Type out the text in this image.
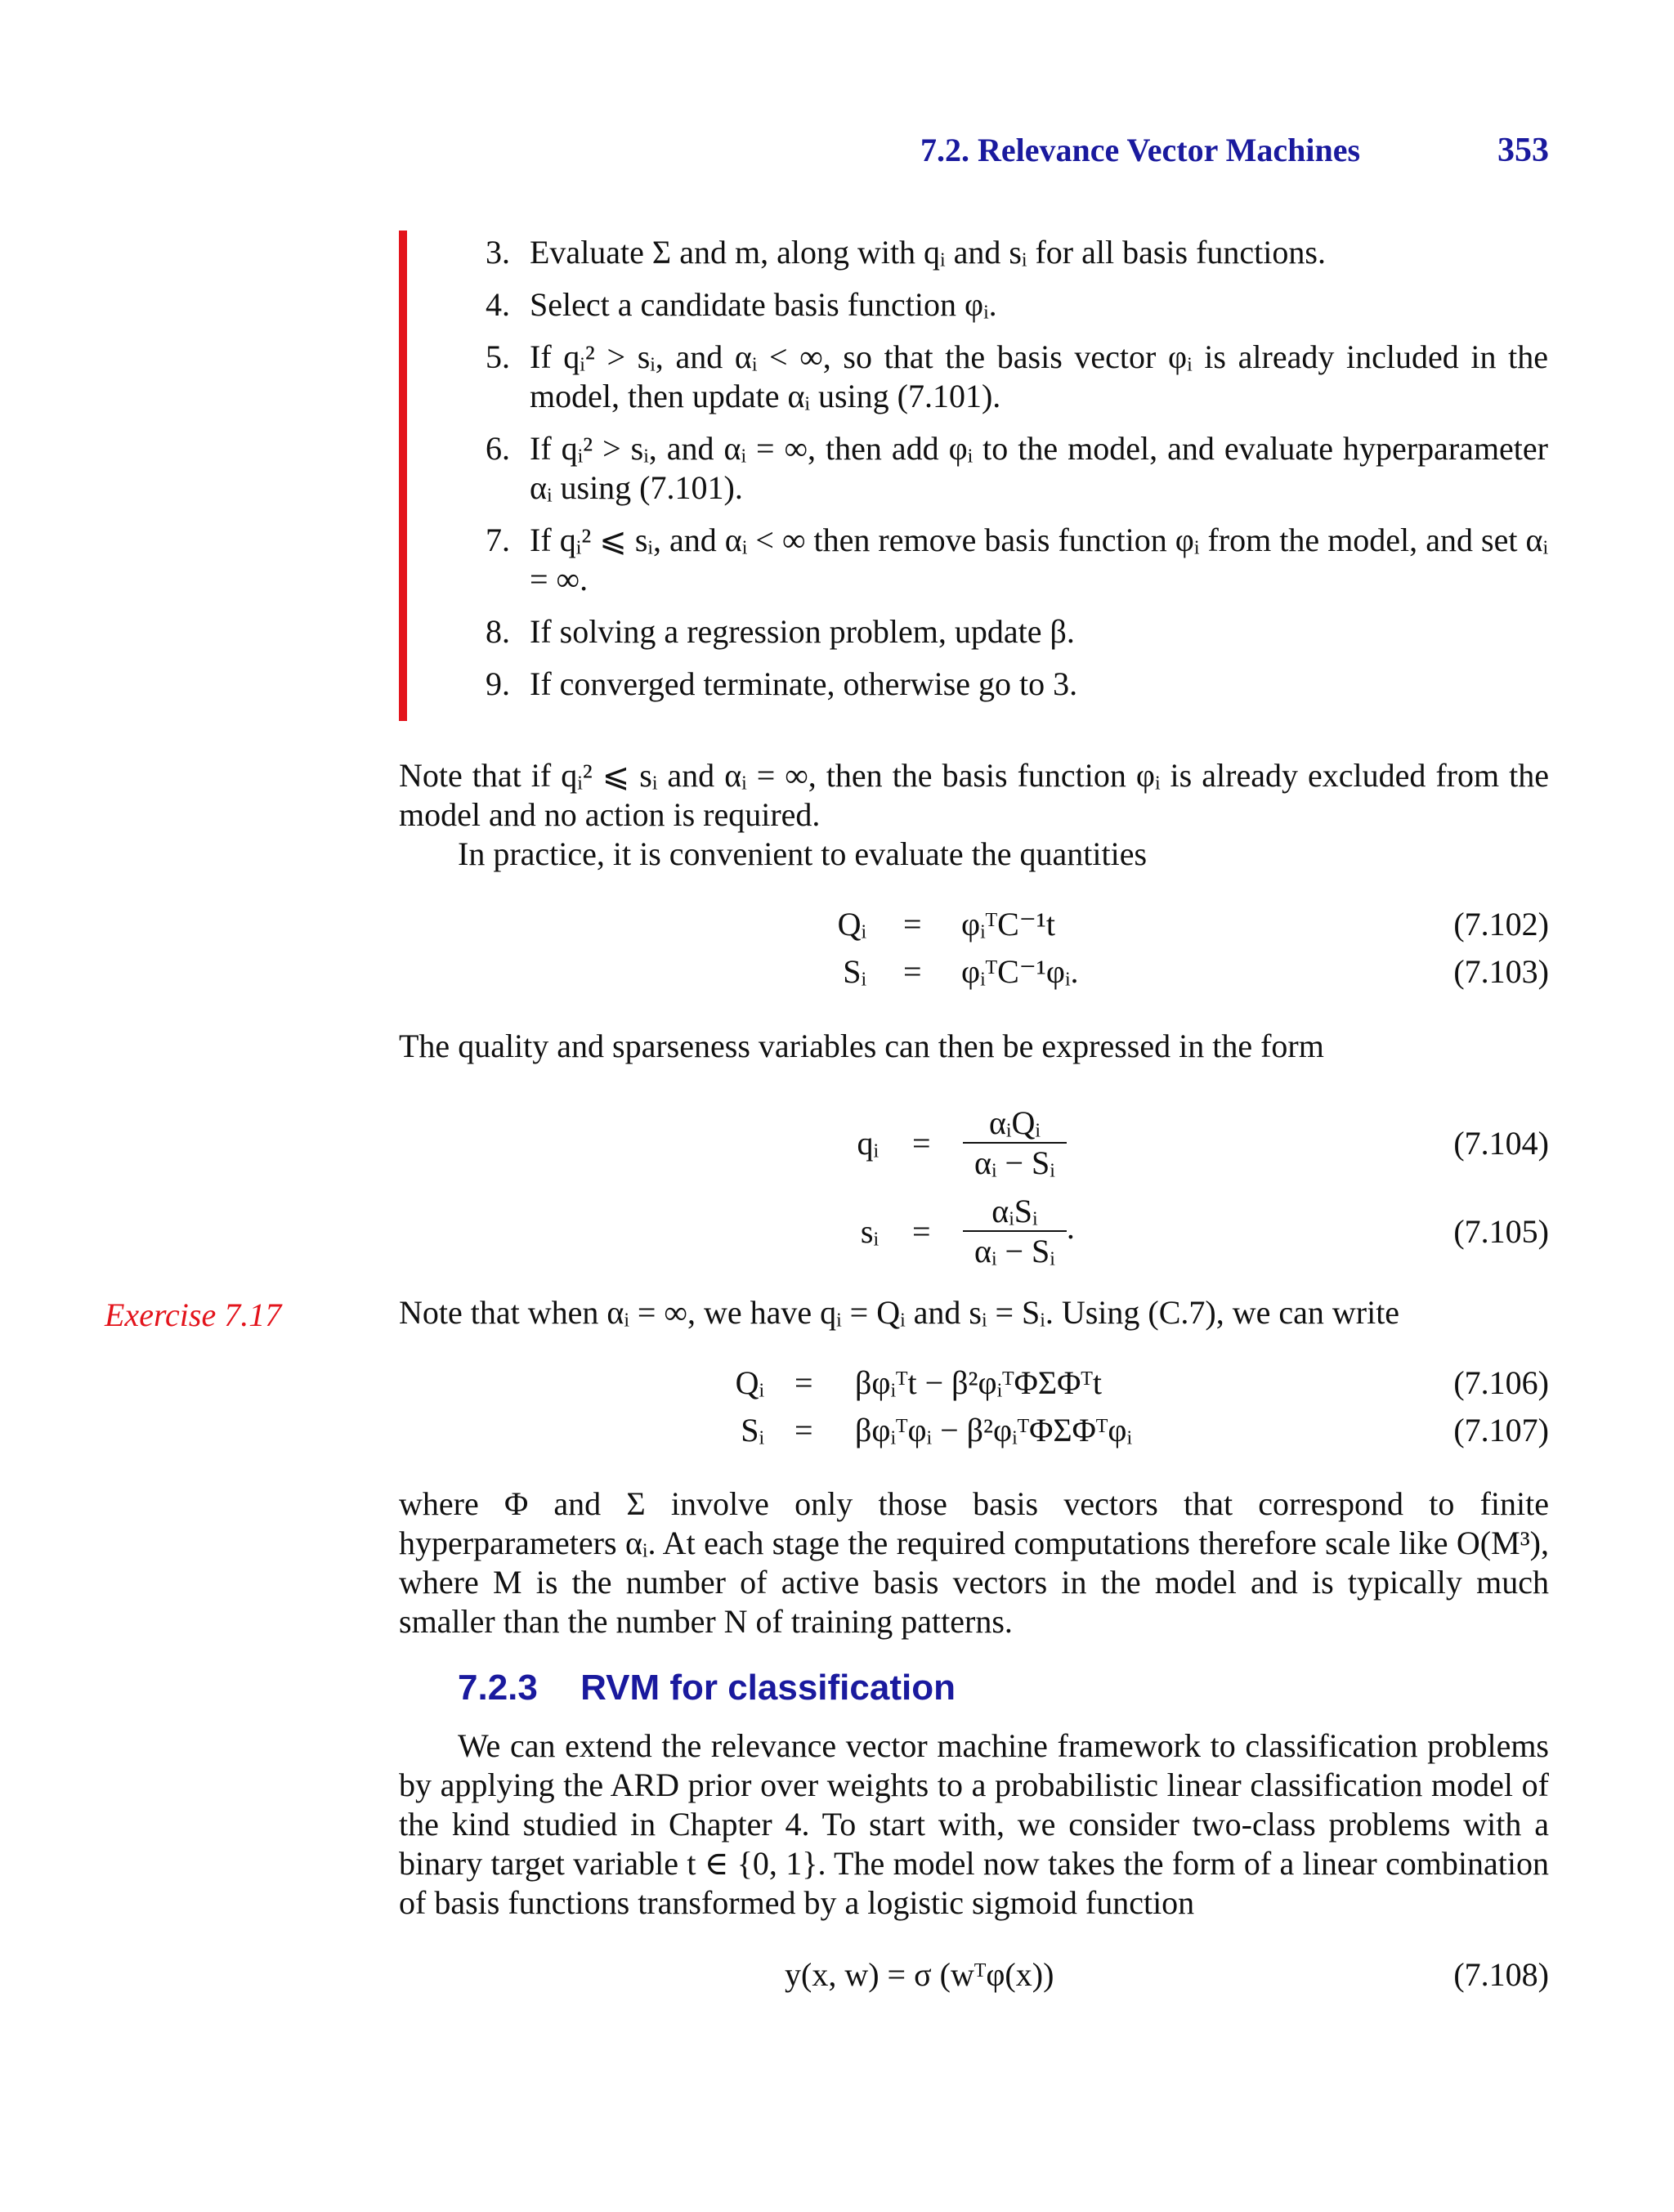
7.2. Relevance Vector Machines	353
3. Evaluate Σ and m, along with qᵢ and sᵢ for all basis functions.
4. Select a candidate basis function φᵢ.
5. If qᵢ² > sᵢ, and αᵢ < ∞, so that the basis vector φᵢ is already included in the model, then update αᵢ using (7.101).
6. If qᵢ² > sᵢ, and αᵢ = ∞, then add φᵢ to the model, and evaluate hyperparameter αᵢ using (7.101).
7. If qᵢ² ⩽ sᵢ, and αᵢ < ∞ then remove basis function φᵢ from the model, and set αᵢ = ∞.
8. If solving a regression problem, update β.
9. If converged terminate, otherwise go to 3.
Note that if qᵢ² ⩽ sᵢ and αᵢ = ∞, then the basis function φᵢ is already excluded from the model and no action is required.
In practice, it is convenient to evaluate the quantities
Qᵢ = φᵢᵀC⁻¹t	(7.102)
Sᵢ = φᵢᵀC⁻¹φᵢ.	(7.103)
The quality and sparseness variables can then be expressed in the form
qᵢ = $\frac{\text{αᵢQᵢ}}{\text{αᵢ − Sᵢ}}$	(7.104)
sᵢ = $\frac{\text{αᵢSᵢ}}{\text{αᵢ − Sᵢ}}$ .	(7.105)
Exercise 7.17	Note that when αᵢ = ∞, we have qᵢ = Qᵢ and sᵢ = Sᵢ. Using (C.7), we can write
Qᵢ = βφᵢᵀt − β²φᵢᵀΦΣΦᵀt	(7.106)
Sᵢ = βφᵢᵀφᵢ − β²φᵢᵀΦΣΦᵀφᵢ	(7.107)
where Φ and Σ involve only those basis vectors that correspond to finite hyperparameters αᵢ. At each stage the required computations therefore scale like O(M³), where M is the number of active basis vectors in the model and is typically much smaller than the number N of training patterns.
7.2.3 RVM for classification
We can extend the relevance vector machine framework to classification problems by applying the ARD prior over weights to a probabilistic linear classification model of the kind studied in Chapter 4. To start with, we consider two-class problems with a binary target variable t ∈ {0, 1}. The model now takes the form of a linear combination of basis functions transformed by a logistic sigmoid function
y(x, w) = σ (wᵀφ(x))	(7.108)
